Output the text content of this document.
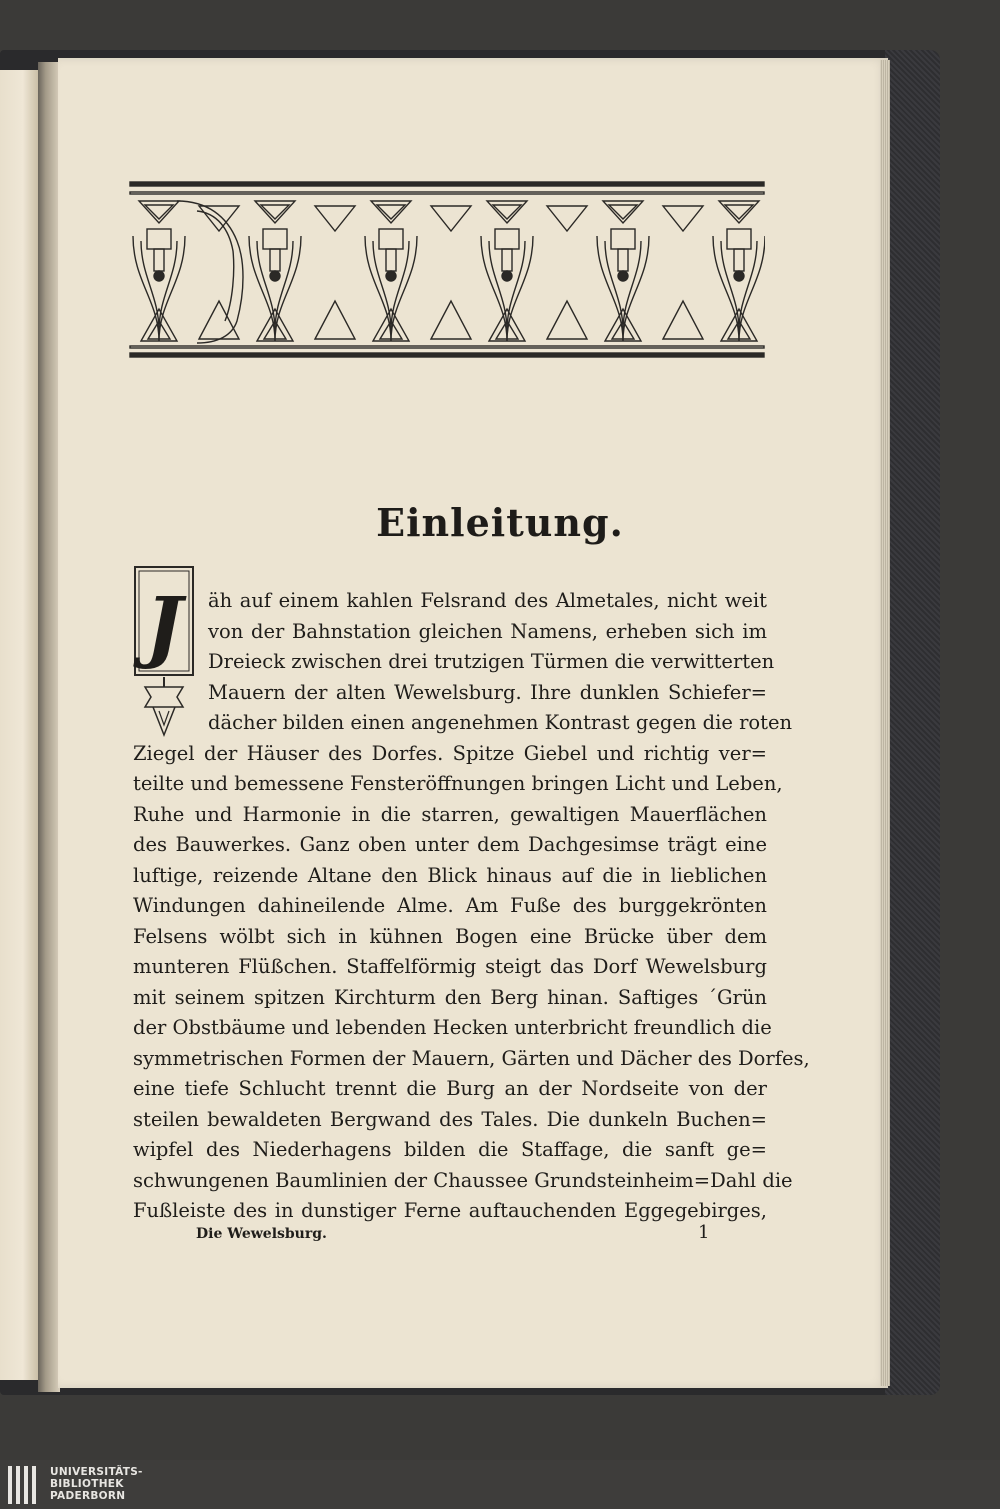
Einleitung.
J	äh auf einem kahlen Felsrand des Almetales, nicht weit
von der Bahnstation gleichen Namens, erheben sich im
Dreieck zwischen drei trutzigen Türmen die verwitterten
Mauern der alten Wewelsburg. Ihre dunklen Schiefer=
dächer bilden einen angenehmen Kontrast gegen die roten
Ziegel der Häuser des Dorfes. Spitze Giebel und richtig ver=
teilte und bemessene Fensteröffnungen bringen Licht und Leben,
Ruhe und Harmonie in die starren, gewaltigen Mauerflächen
des Bauwerkes. Ganz oben unter dem Dachgesimse trägt eine
luftige, reizende Altane den Blick hinaus auf die in lieblichen
Windungen dahineilende Alme. Am Fuße des burggekrönten
Felsens wölbt sich in kühnen Bogen eine Brücke über dem
munteren Flüßchen. Staffelförmig steigt das Dorf Wewelsburg
mit seinem spitzen Kirchturm den Berg hinan. Saftiges ´Grün
der Obstbäume und lebenden Hecken unterbricht freundlich die
symmetrischen Formen der Mauern, Gärten und Dächer des Dorfes,
eine tiefe Schlucht trennt die Burg an der Nordseite von der
steilen bewaldeten Bergwand des Tales. Die dunkeln Buchen=
wipfel des Niederhagens bilden die Staffage, die sanft ge=
schwungenen Baumlinien der Chaussee Grundsteinheim=Dahl die
Fußleiste des in dunstiger Ferne auftauchenden Eggegebirges,
Die Wewelsburg.	1
UNIVERSITÄTS-
BIBLIOTHEK
PADERBORN
